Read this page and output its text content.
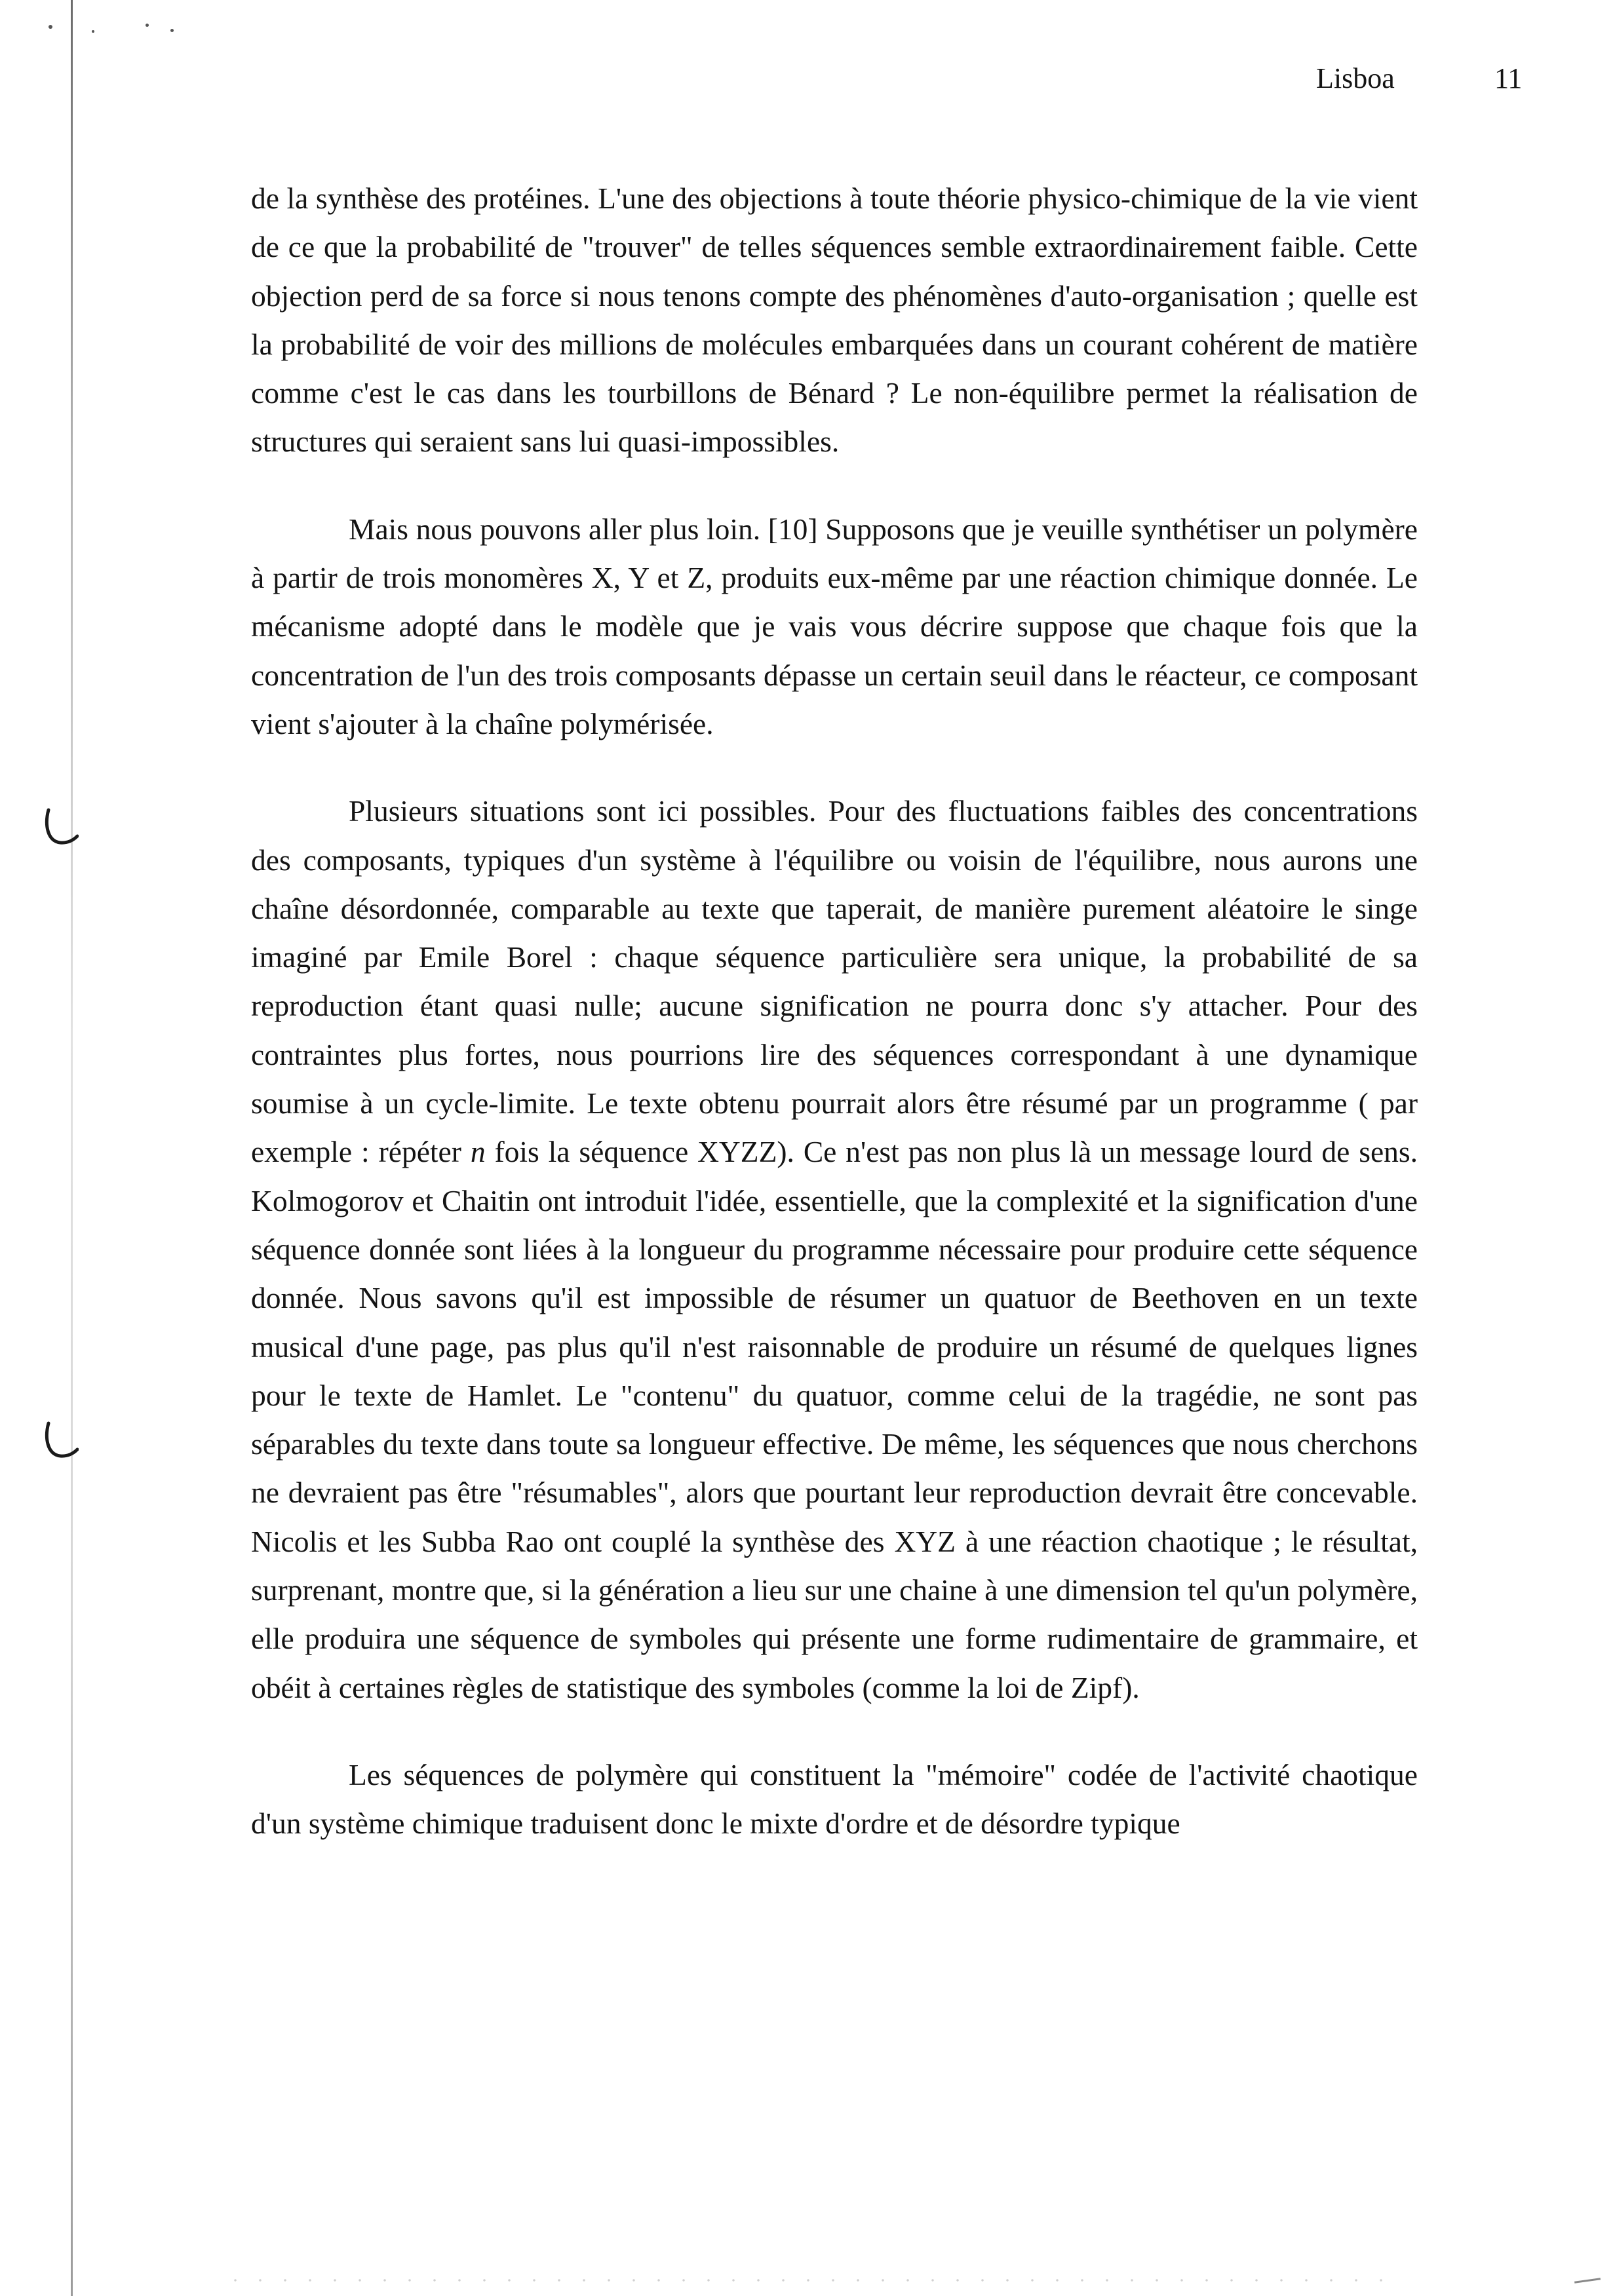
Lisboa	11

de la synthèse des protéines. L'une des objections à toute théorie physico-chimique de la vie vient de ce que la probabilité de "trouver" de telles séquences semble extraordinairement faible. Cette objection perd de sa force si nous tenons compte des phénomènes d'auto-organisation ; quelle est la probabilité de voir des millions de molécules embarquées dans un courant cohérent de matière comme c'est le cas dans les tourbillons de Bénard ? Le non-équilibre permet la réalisation de structures qui seraient sans lui quasi-impossibles.

Mais nous pouvons aller plus loin. [10] Supposons que je veuille synthétiser un polymère à partir de trois monomères X, Y et Z, produits eux-même par une réaction chimique donnée. Le mécanisme adopté dans le modèle que je vais vous décrire suppose que chaque fois que la concentration de l'un des trois composants dépasse un certain seuil dans le réacteur, ce composant vient s'ajouter à la chaîne polymérisée.

Plusieurs situations sont ici possibles. Pour des fluctuations faibles des concentrations des composants, typiques d'un système à l'équilibre ou voisin de l'équilibre, nous aurons une chaîne désordonnée, comparable au texte que taperait, de manière purement aléatoire le singe imaginé par Emile Borel : chaque séquence particulière sera unique, la probabilité de sa reproduction étant quasi nulle; aucune signification ne pourra donc s'y attacher. Pour des contraintes plus fortes, nous pourrions lire des séquences correspondant à une dynamique soumise à un cycle-limite. Le texte obtenu pourrait alors être résumé par un programme ( par exemple : répéter n fois la séquence XYZZ). Ce n'est pas non plus là un message lourd de sens. Kolmogorov et Chaitin ont introduit l'idée, essentielle, que la complexité et la signification d'une séquence donnée sont liées à la longueur du programme nécessaire pour produire cette séquence donnée. Nous savons qu'il est impossible de résumer un quatuor de Beethoven en un texte musical d'une page, pas plus qu'il n'est raisonnable de produire un résumé de quelques lignes pour le texte de Hamlet. Le "contenu" du quatuor, comme celui de la tragédie, ne sont pas séparables du texte dans toute sa longueur effective. De même, les séquences que nous cherchons ne devraient pas être "résumables", alors que pourtant leur reproduction devrait être concevable. Nicolis et les Subba Rao ont couplé la synthèse des XYZ à une réaction chaotique ; le résultat, surprenant, montre que, si la génération a lieu sur une chaine à une dimension tel qu'un polymère, elle produira une séquence de symboles qui présente une forme rudimentaire de grammaire, et obéit à certaines règles de statistique des symboles (comme la loi de Zipf).

Les séquences de polymère qui constituent la "mémoire" codée de l'activité chaotique d'un système chimique traduisent donc le mixte d'ordre et de désordre typique
